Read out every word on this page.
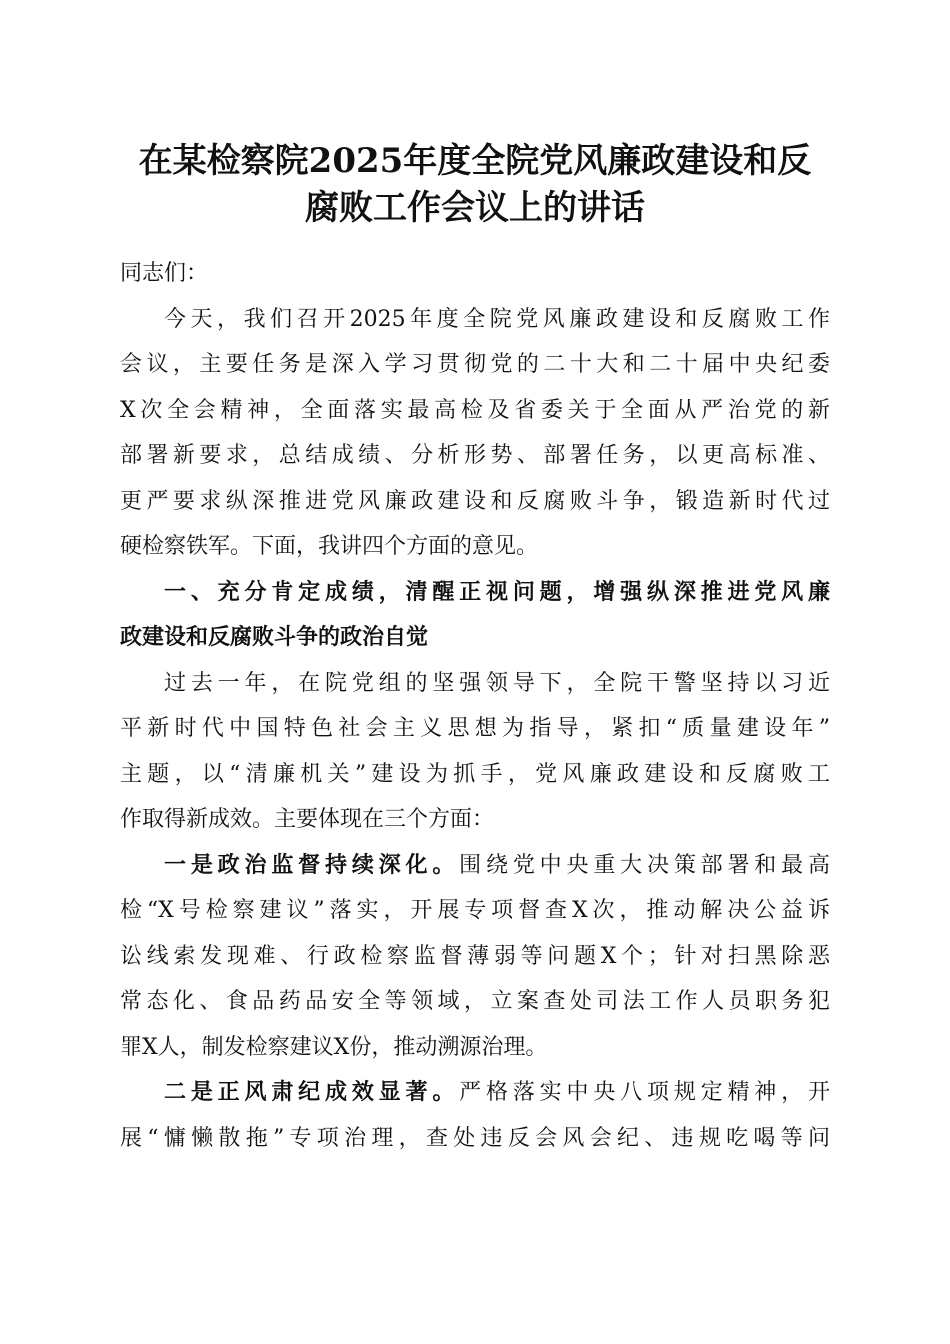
在某检察院2025年度全院党风廉政建设和反
腐败工作会议上的讲话

同志们：

今天，我们召开2025年度全院党风廉政建设和反腐败工作
会议，主要任务是深入学习贯彻党的二十大和二十届中央纪委
X次全会精神，全面落实最高检及省委关于全面从严治党的新
部署新要求，总结成绩、分析形势、部署任务，以更高标准、
更严要求纵深推进党风廉政建设和反腐败斗争，锻造新时代过
硬检察铁军。下面，我讲四个方面的意见。

一、充分肯定成绩，清醒正视问题，增强纵深推进党风廉
政建设和反腐败斗争的政治自觉

过去一年，在院党组的坚强领导下，全院干警坚持以习近
平新时代中国特色社会主义思想为指导，紧扣“质量建设年”
主题，以“清廉机关”建设为抓手，党风廉政建设和反腐败工
作取得新成效。主要体现在三个方面：

一是政治监督持续深化。围绕党中央重大决策部署和最高
检“X号检察建议”落实，开展专项督查X次，推动解决公益诉
讼线索发现难、行政检察监督薄弱等问题X个；针对扫黑除恶
常态化、食品药品安全等领域，立案查处司法工作人员职务犯
罪X人，制发检察建议X份，推动溯源治理。

二是正风肃纪成效显著。严格落实中央八项规定精神，开
展“慵懒散拖”专项治理，查处违反会风会纪、违规吃喝等问
